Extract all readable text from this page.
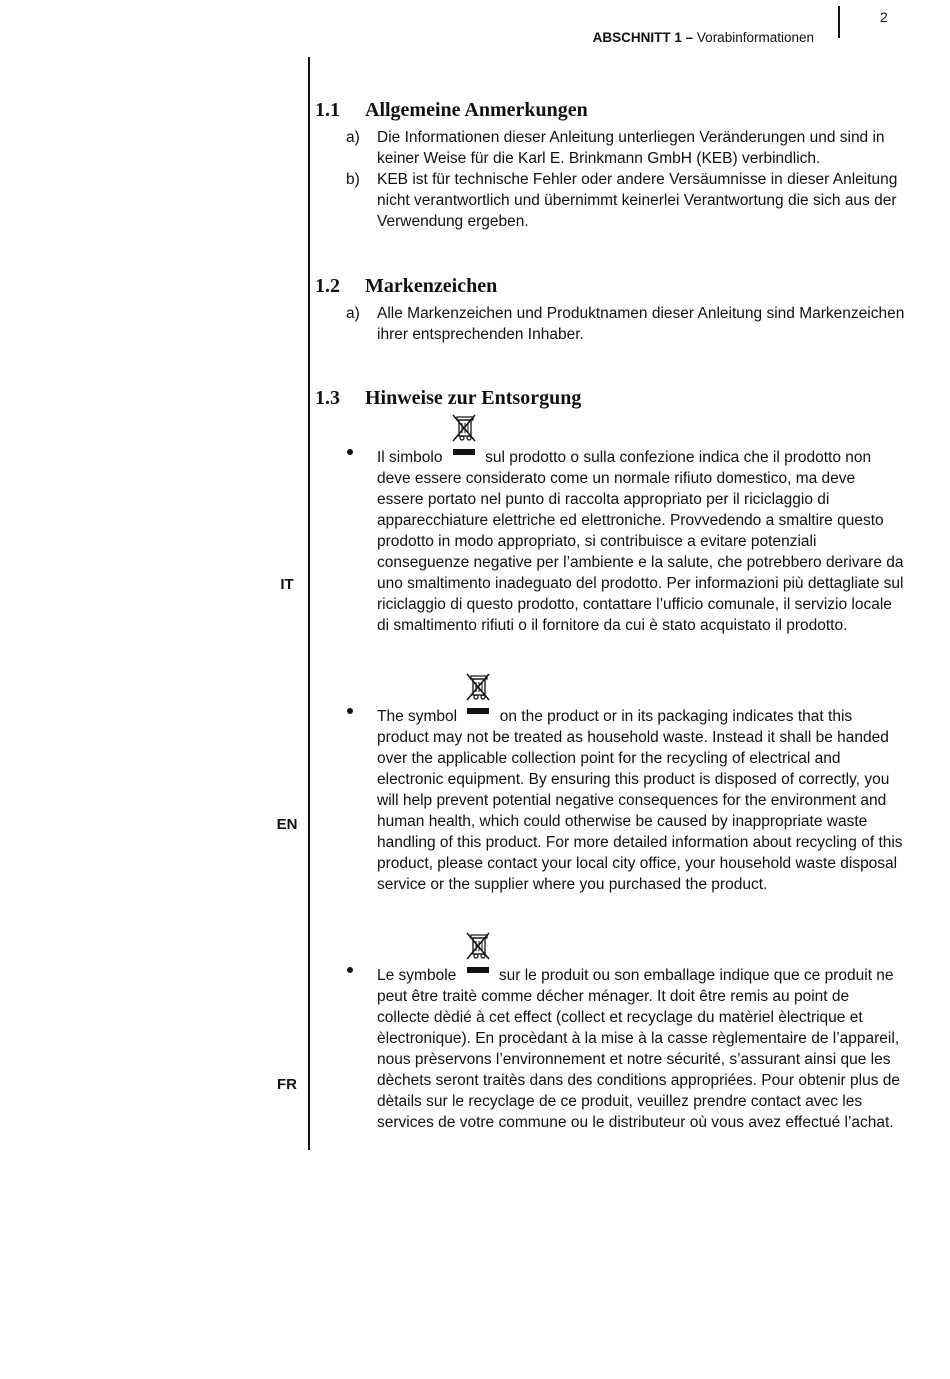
ABSCHNITT 1 – Vorabinformationen
2
1.1 Allgemeine Anmerkungen
a) Die Informationen dieser Anleitung unterliegen Veränderungen und sind in keiner Weise für die Karl E. Brinkmann GmbH (KEB) verbindlich.
b) KEB ist für technische Fehler oder andere Versäumnisse in dieser Anleitung nicht verantwortlich und übernimmt keinerlei Verantwortung die sich aus der Verwendung ergeben.
1.2 Markenzeichen
a) Alle Markenzeichen und Produktnamen dieser Anleitung sind Markenzeichen ihrer entsprechenden Inhaber.
1.3 Hinweise zur Entsorgung
IT
Il simbolo
sul prodotto o sulla confezione indica che il prodotto non deve essere considerato come un normale rifiuto domestico, ma deve essere portato nel punto di raccolta appropriato per il riciclaggio di apparecchiature elettriche ed elettroniche. Provvedendo a smaltire questo prodotto in modo appropriato, si contribuisce a evitare potenziali conseguenze negative per l’ambiente e la salute, che potrebbero derivare da uno smaltimento inadeguato del prodotto. Per informazioni più dettagliate sul riciclaggio di questo prodotto, contattare l’ufficio comunale, il servizio locale di smaltimento rifiuti o il fornitore da cui è stato acquistato il prodotto.
EN
The symbol
on the product or in its packaging indicates that this product may not be treated as household waste. Instead it shall be handed over the applicable collection point for the recycling of electrical and electronic equipment. By ensuring this product is disposed of correctly, you will help prevent potential negative consequences for the environment and human health, which could otherwise be caused by inappropriate waste handling of this product. For more detailed information about recycling of this product, please contact your local city office, your household waste disposal service or the supplier where you purchased the product.
FR
Le symbole
sur le produit ou son emballage indique que ce produit ne peut être traitè comme décher ménager. It doit être remis au point de collecte dèdié à cet effect (collect et recyclage du matèriel èlectrique et èlectronique). En procèdant à la mise à la casse règlementaire de l’appareil, nous prèservons l’environnement et notre sécurité, s’assurant ainsi que les dèchets seront traitès dans des conditions appropriées. Pour obtenir plus de dètails sur le recyclage de ce produit, veuillez prendre contact avec les services de votre commune ou le distributeur où vous avez effectué l’achat.
